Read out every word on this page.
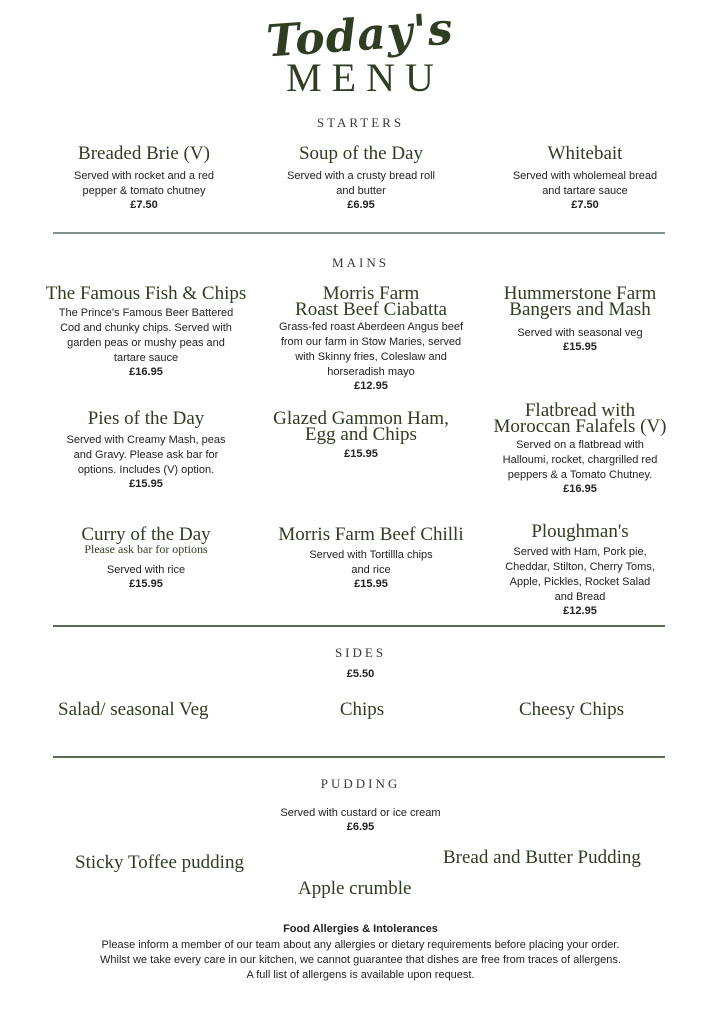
Today's
MENU
STARTERS
Breaded Brie (V)
Served with rocket and a red
pepper & tomato chutney
£7.50
Soup of the Day
Served with a crusty bread roll
and butter
£6.95
Whitebait
Served with wholemeal bread
and tartare sauce
£7.50
MAINS
The Famous Fish & Chips
The Prince's Famous Beer Battered
Cod and chunky chips. Served with
garden peas or mushy peas and
tartare sauce
£16.95
Morris Farm
Roast Beef Ciabatta
Grass-fed roast Aberdeen Angus beef
from our farm in Stow Maries, served
with Skinny fries, Coleslaw and
horseradish mayo
£12.95
Hummerstone Farm
Bangers and Mash
Served with seasonal veg
£15.95
Pies of the Day
Served with Creamy Mash, peas
and Gravy. Please ask bar for
options. Includes (V) option.
£15.95
Glazed Gammon Ham,
Egg and Chips
£15.95
Flatbread with
Moroccan Falafels (V)
Served on a flatbread with
Halloumi, rocket, chargrilled red
peppers & a Tomato Chutney.
£16.95
Curry of the Day
Please ask bar for options
Served with rice
£15.95
Morris Farm Beef Chilli
Served with Tortillla chips
and rice
£15.95
Ploughman's
Served with Ham, Pork pie,
Cheddar, Stilton, Cherry Toms,
Apple, Pickles, Rocket Salad
and Bread
£12.95
SIDES
£5.50
Salad/ seasonal Veg	Chips	Cheesy Chips
PUDDING
Served with custard or ice cream
£6.95
Sticky Toffee pudding	Bread and Butter Pudding
Apple crumble
Food Allergies & Intolerances
Please inform a member of our team about any allergies or dietary requirements before placing your order.
Whilst we take every care in our kitchen, we cannot guarantee that dishes are free from traces of allergens.
A full list of allergens is available upon request.
